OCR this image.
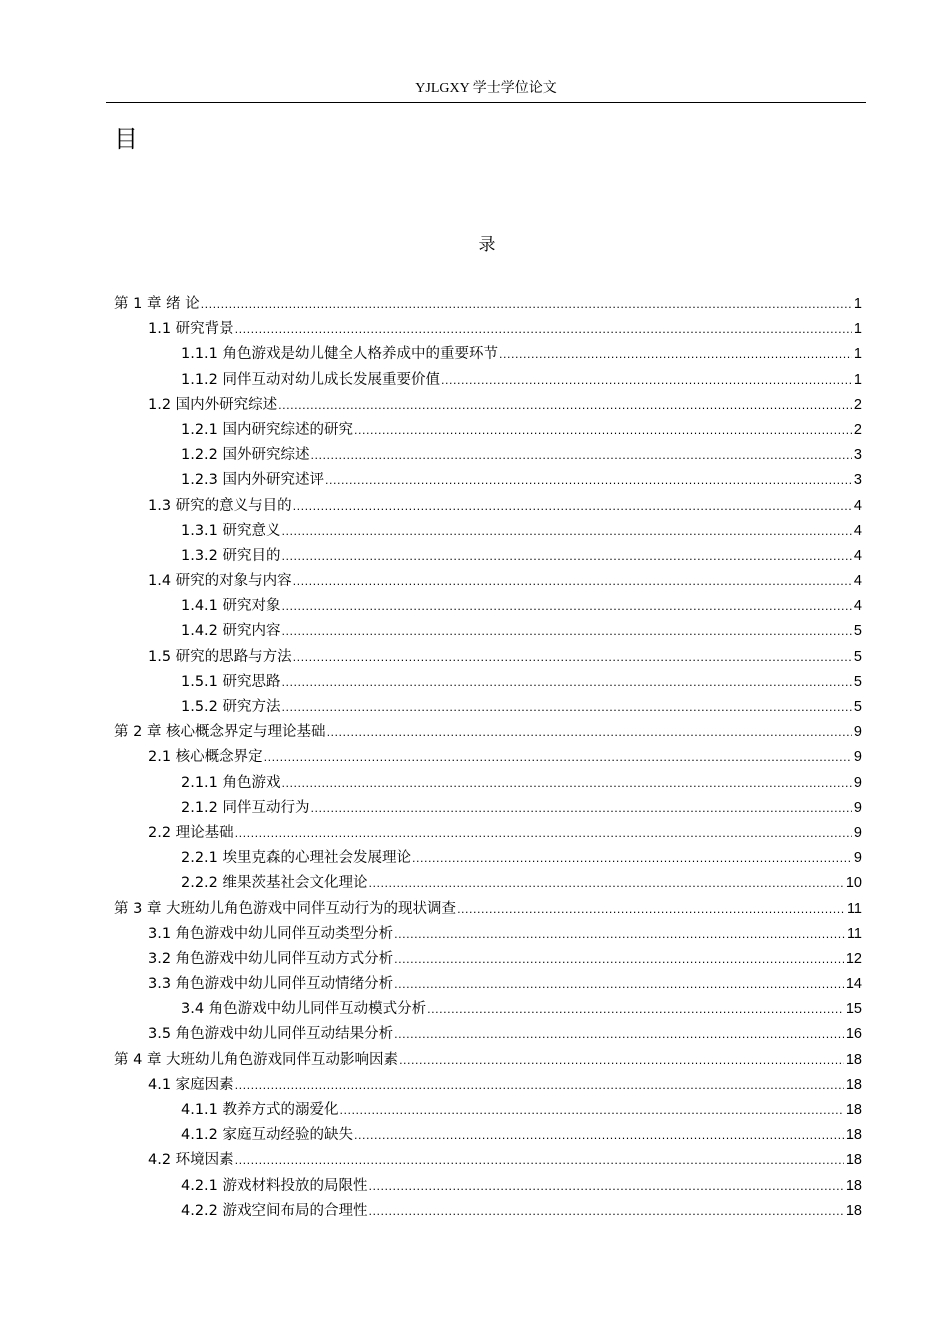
YJLGXY 学士学位论文
目
录
第 1 章 绪 论 .....	1
1.1 研究背景 .....	1
1.1.1 角色游戏是幼儿健全人格养成中的重要环节 .....	1
1.1.2 同伴互动对幼儿成长发展重要价值 .....	1
1.2 国内外研究综述 .....	2
1.2.1 国内研究综述的研究 .....	2
1.2.2 国外研究综述 .....	3
1.2.3 国内外研究述评 .....	3
1.3 研究的意义与目的 .....	4
1.3.1 研究意义 .....	4
1.3.2 研究目的 .....	4
1.4 研究的对象与内容 .....	4
1.4.1 研究对象 .....	4
1.4.2 研究内容 .....	5
1.5 研究的思路与方法 .....	5
1.5.1 研究思路 .....	5
1.5.2 研究方法 .....	5
第 2 章 核心概念界定与理论基础 .....	9
2.1 核心概念界定 .....	9
2.1.1 角色游戏 .....	9
2.1.2 同伴互动行为 .....	9
2.2 理论基础 .....	9
2.2.1 埃里克森的心理社会发展理论 .....	9
2.2.2 维果茨基社会文化理论 .....	10
第 3 章 大班幼儿角色游戏中同伴互动行为的现状调查 .....	11
3.1 角色游戏中幼儿同伴互动类型分析 .....	11
3.2 角色游戏中幼儿同伴互动方式分析 .....	12
3.3 角色游戏中幼儿同伴互动情绪分析 .....	14
3.4 角色游戏中幼儿同伴互动模式分析 .....	15
3.5 角色游戏中幼儿同伴互动结果分析 .....	16
第 4 章 大班幼儿角色游戏同伴互动影响因素 .....	18
4.1 家庭因素 .....	18
4.1.1 教养方式的溺爱化 .....	18
4.1.2 家庭互动经验的缺失 .....	18
4.2 环境因素 .....	18
4.2.1 游戏材料投放的局限性 .....	18
4.2.2 游戏空间布局的合理性 .....	18
